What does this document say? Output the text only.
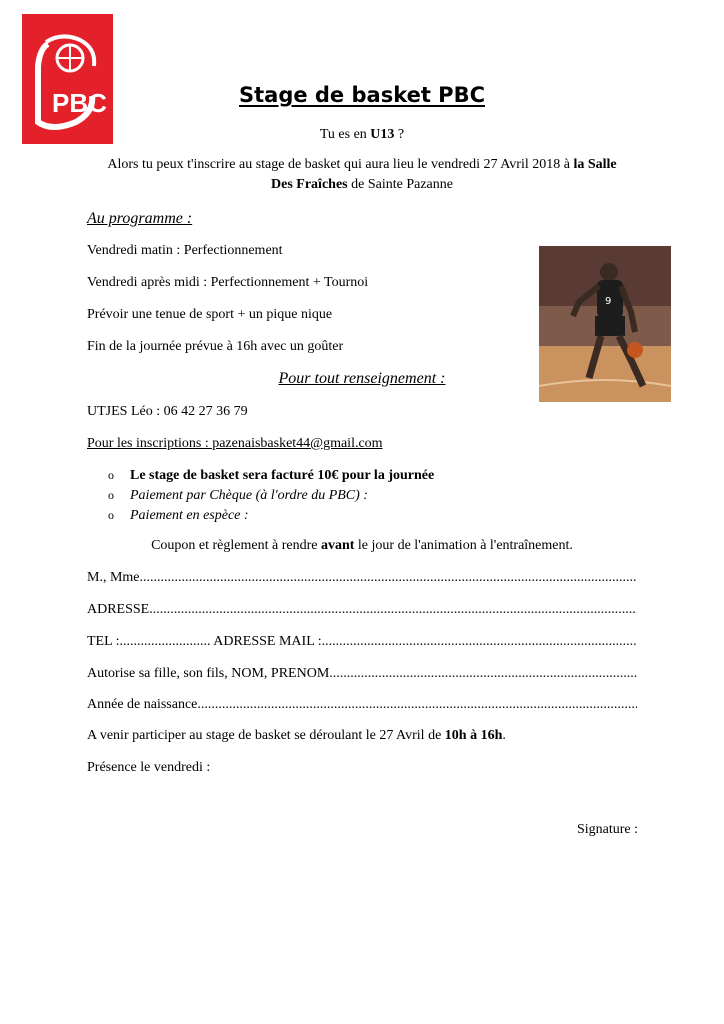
PBC	Stage de basket PBC
Tu es en U13 ?
Alors tu peux t'inscrire au stage de basket qui aura lieu le vendredi 27 Avril 2018 à la Salle
Des Fraîches de Sainte Pazanne
Au programme :
Vendredi matin : Perfectionnement
Vendredi après midi : Perfectionnement + Tournoi
Prévoir une tenue de sport + un pique nique
Fin de la journée prévue à 16h avec un goûter
9
Pour tout renseignement :
UTJES Léo : 06 42 27 36 79
Pour les inscriptions : pazenaisbasket44@gmail.com
o Le stage de basket sera facturé 10€ pour la journée
o Paiement par Chèque (à l'ordre du PBC) :
o Paiement en espèce :
Coupon et règlement à rendre avant le jour de l'animation à l'entraînement.
M., Mme .....
ADRESSE .....
TEL :.......................... ADRESSE MAIL : .....
Autorise sa fille, son fils, NOM, PRENOM .....
Année de naissance .....
A venir participer au stage de basket se déroulant le 27 Avril de 10h à 16h.
Présence le vendredi :
Signature :
